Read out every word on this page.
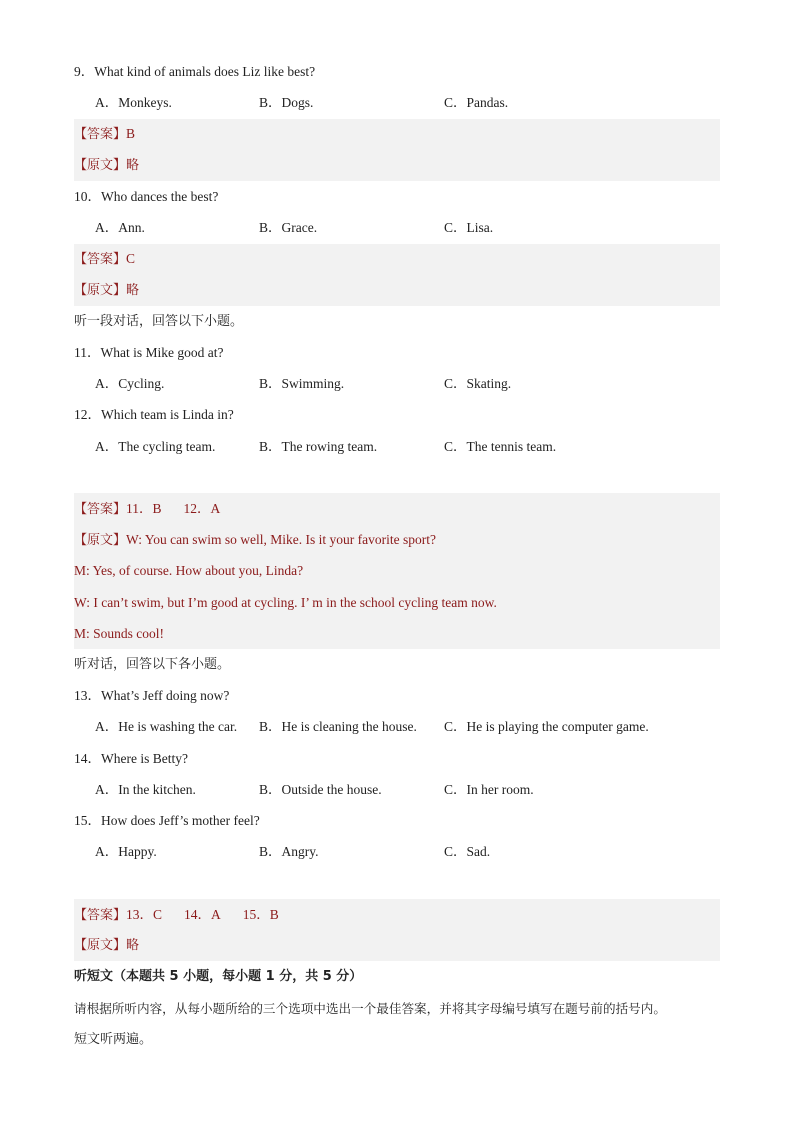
9．What kind of animals does Liz like best?
A．Monkeys.	B．Dogs.	C．Pandas.
【答案】B
【原文】略
10．Who dances the best?
A．Ann.	B．Grace.	C．Lisa.
【答案】C
【原文】略
听一段对话，回答以下小题。
11．What is Mike good at?
A．Cycling.	B．Swimming.	C．Skating.
12．Which team is Linda in?
A．The cycling team.	B．The rowing team.	C．The tennis team.
【答案】11．B 12．A
【原文】W: You can swim so well, Mike. Is it your favorite sport?
M: Yes, of course. How about you, Linda?
W: I can’t swim, but I’m good at cycling. I’ m in the school cycling team now.
M: Sounds cool!
听对话，回答以下各小题。
13．What’s Jeff doing now?
A．He is washing the car. B．He is cleaning the house. C．He is playing the computer game.
14．Where is Betty?
A．In the kitchen.	B．Outside the house.	C．In her room.
15．How does Jeff’s mother feel?
A．Happy.	B．Angry.	C．Sad.
【答案】13．C 14．A 15．B
【原文】略
听短文（本题共 5 小题，每小题 1 分，共 5 分）
请根据所听内容，从每小题所给的三个选项中选出一个最佳答案，并将其字母编号填写在题号前的括号内。
短文听两遍。
